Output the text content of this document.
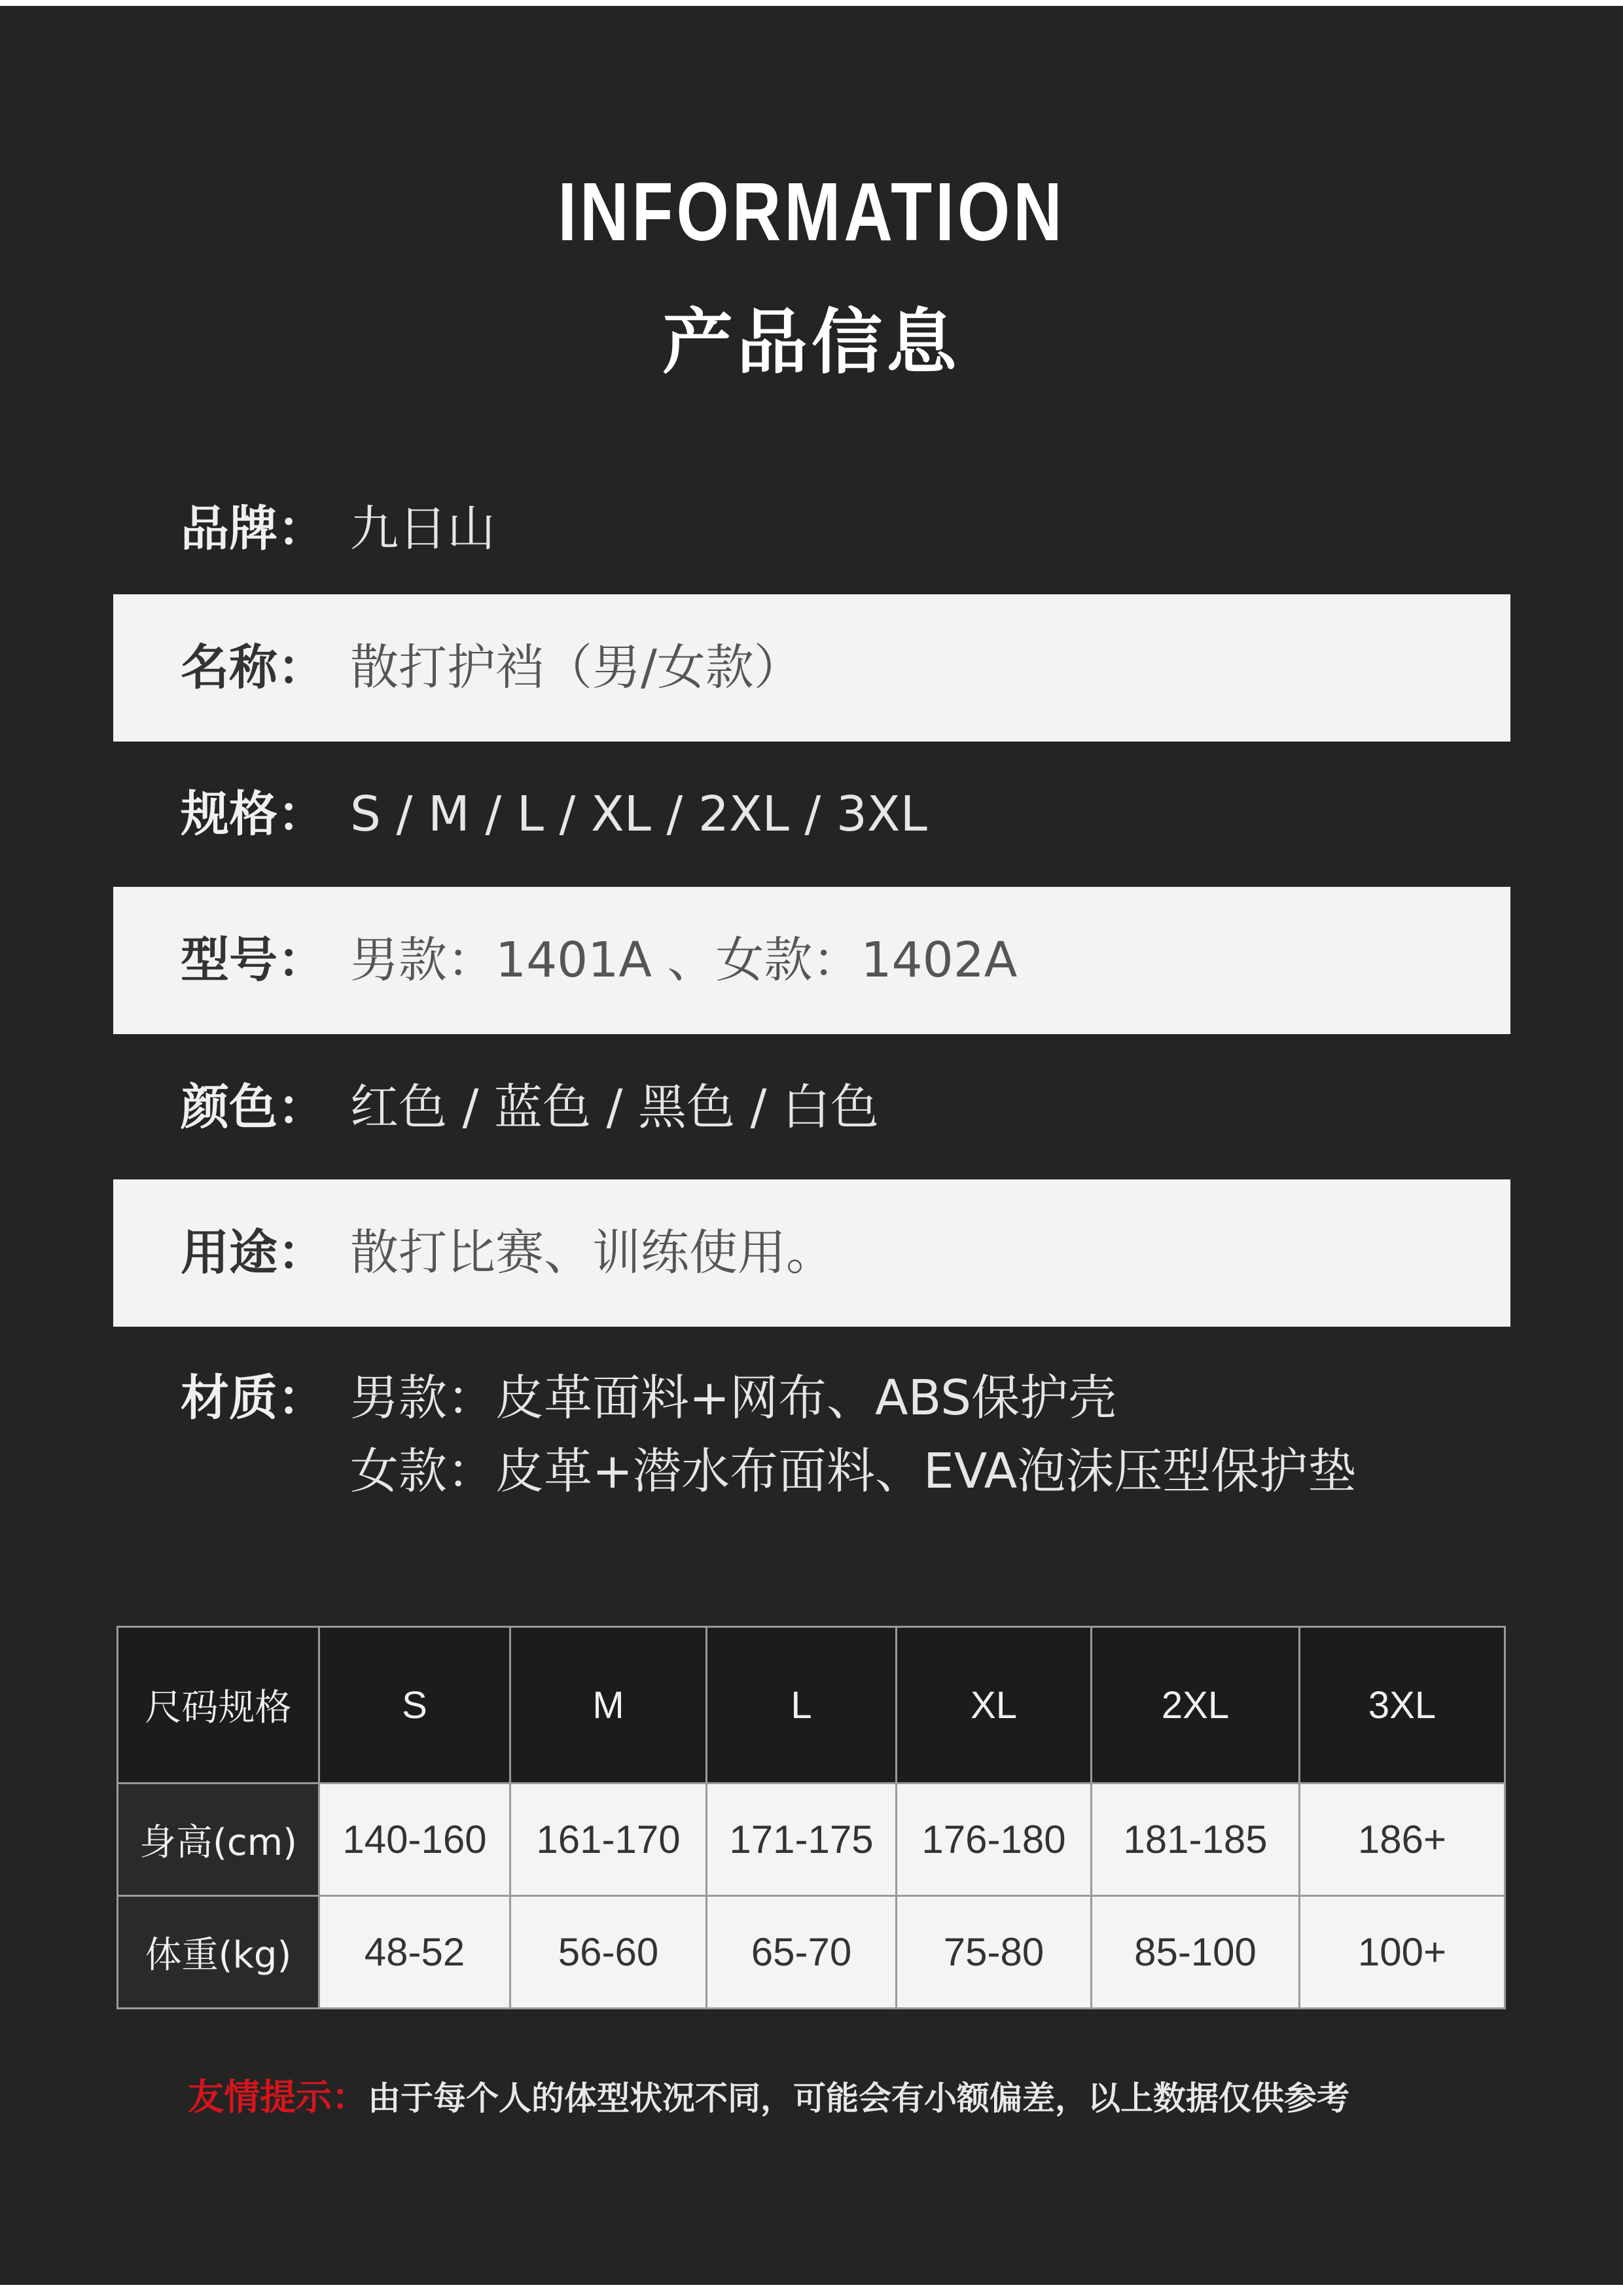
INFORMATION
产品信息
品牌： 九日山
名称： 散打护裆（男/女款）
规格： S / M / L / XL / 2XL / 3XL
型号： 男款：1401A 、女款：1402A
颜色： 红色 / 蓝色 / 黑色 / 白色
用途： 散打比赛、训练使用。
材质： 男款：皮革面料+网布、ABS保护壳
女款：皮革+潜水布面料、EVA泡沫压型保护垫
尺码规格	S	M	L	XL	2XL	3XL
身高(cm)	140-160	161-170	171-175	176-180	181-185	186+
体重(kg)	48-52	56-60	65-70	75-80	85-100	100+
友情提示：由于每个人的体型状况不同，可能会有小额偏差，以上数据仅供参考
